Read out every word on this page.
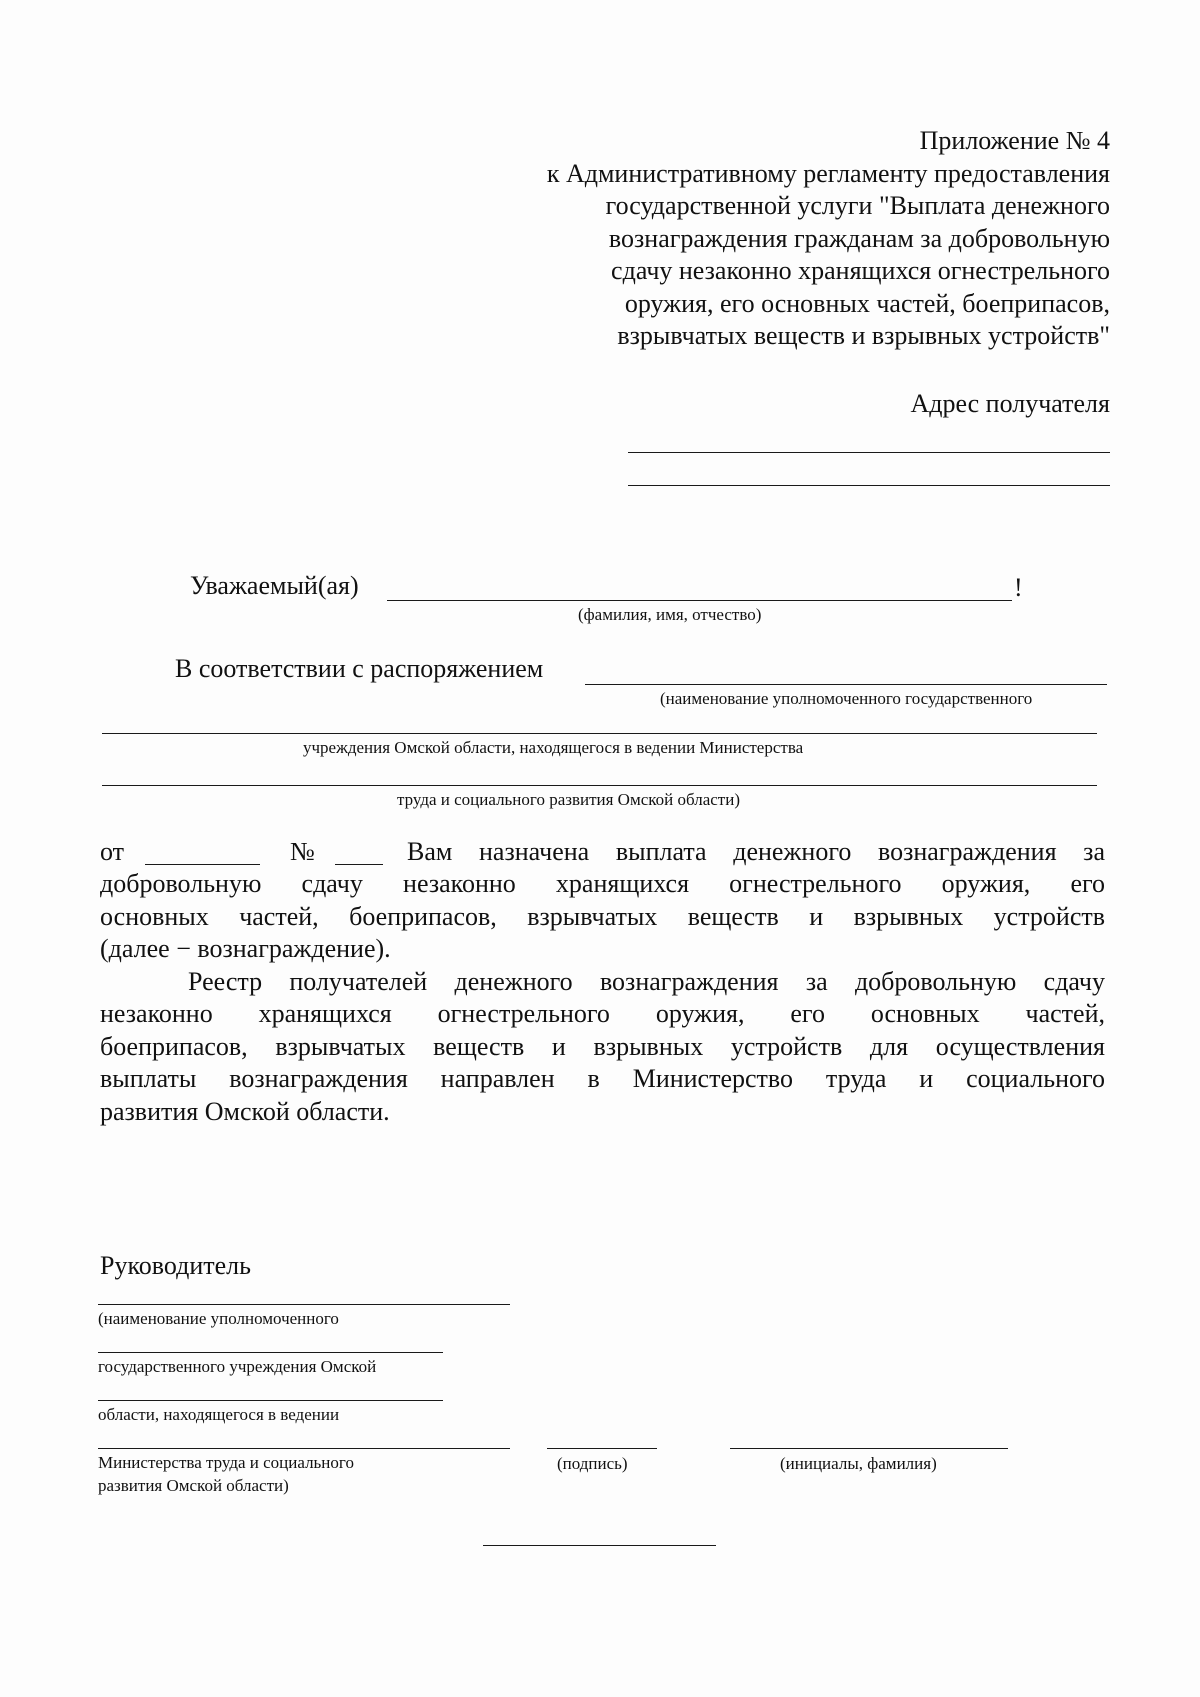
Приложение № 4
к Административному регламенту предоставления
государственной услуги "Выплата денежного
вознаграждения гражданам за добровольную
сдачу незаконно хранящихся огнестрельного
оружия, его основных частей, боеприпасов,
взрывчатых веществ и взрывных устройств"
Адрес получателя
Уважаемый(ая)	!
(фамилия, имя, отчество)
В соответствии с распоряжением
(наименование уполномоченного государственного
учреждения Омской области, находящегося в ведении Министерства
труда и социального развития Омской области)
от	№	Вам назначена выплата денежного вознаграждения за
добровольную сдачу незаконно хранящихся огнестрельного оружия, его
основных частей, боеприпасов, взрывчатых веществ и взрывных устройств
(далее − вознаграждение).
Реестр получателей денежного вознаграждения за добровольную сдачу
незаконно хранящихся огнестрельного оружия, его основных частей,
боеприпасов, взрывчатых веществ и взрывных устройств для осуществления
выплаты вознаграждения направлен в Министерство труда и социального
развития Омской области.
Руководитель
(наименование уполномоченного
государственного учреждения Омской
области, находящегося в ведении
Министерства труда и социального
развития Омской области)
(подпись)	(инициалы, фамилия)
